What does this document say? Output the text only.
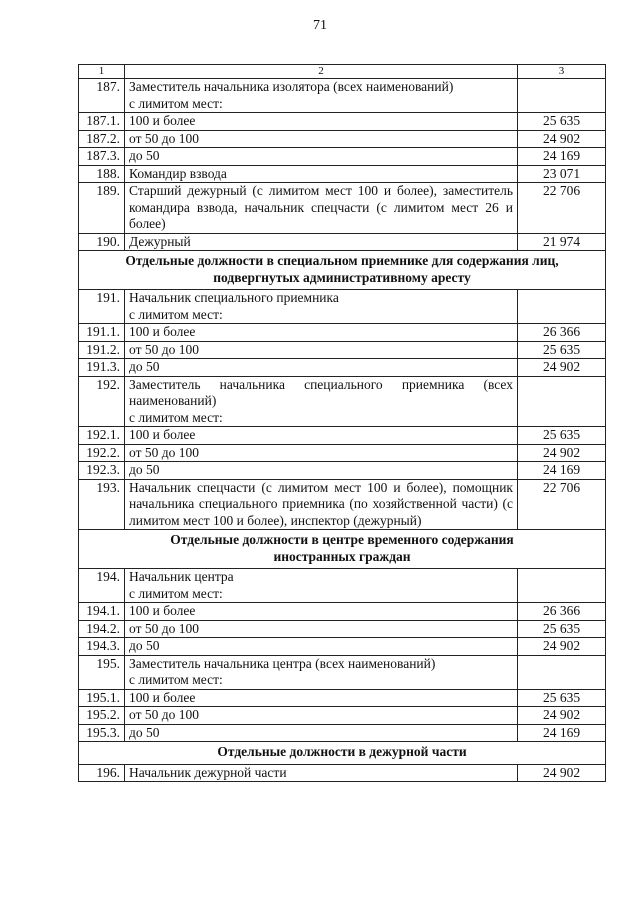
71
1	2	3
187.	Заместитель начальника изолятора (всех наименований)
с лимитом мест:	

187.1.	100 и более	25 635
187.2.	от 50 до 100	24 902
187.3.	до 50	24 169
188.	Командир взвода	23 071
189.	Старший дежурный (с лимитом мест 100 и более), заместитель командира взвода, начальник спецчасти (с лимитом мест 26 и более)	22 706
190.	Дежурный	21 974

Отдельные должности в специальном приемнике для содержания лиц,
подвергнутых административному аресту		

191.	Начальник специального приемника
с лимитом мест:	

191.1.	100 и более	26 366
191.2.	от 50 до 100	25 635
191.3.	до 50	24 902
192.	Заместитель начальника специального приемника (всех наименований)
с лимитом мест:	

192.1.	100 и более	25 635
192.2.	от 50 до 100	24 902
192.3.	до 50	24 169
193.	Начальник спецчасти (с лимитом мест 100 и более), помощник начальника специального приемника (по хозяйственной части) (с лимитом мест 100 и более), инспектор (дежурный)	22 706

Отдельные должности в центре временного содержания
иностранных граждан		

194.	Начальник центра
с лимитом мест:	

194.1.	100 и более	26 366
194.2.	от 50 до 100	25 635
194.3.	до 50	24 902
195.	Заместитель начальника центра (всех наименований)
с лимитом мест:	

195.1.	100 и более	25 635
195.2.	от 50 до 100	24 902
195.3.	до 50	24 169

Отдельные должности в дежурной части		

196.	Начальник дежурной части	24 902
